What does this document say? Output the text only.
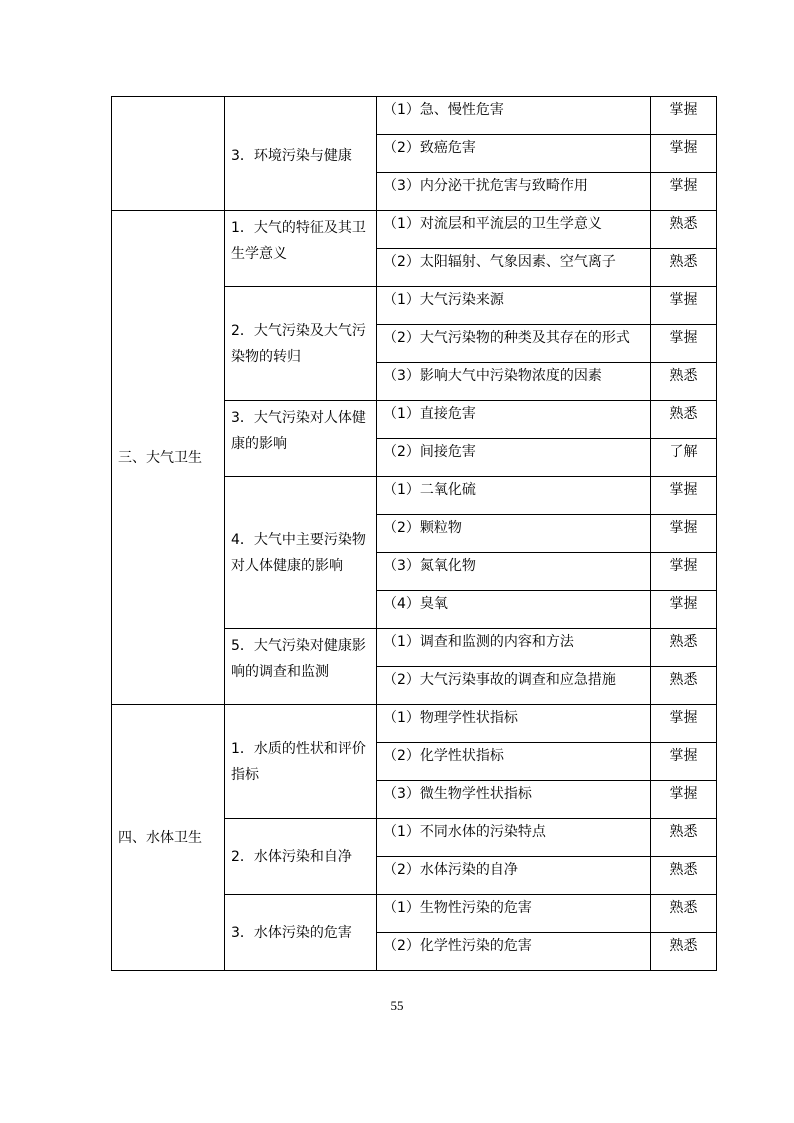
	3．环境污染与健康	（1）急、慢性危害	掌握
		（2）致癌危害	掌握
		（3）内分泌干扰危害与致畸作用	掌握
三、大气卫生	1．大气的特征及其卫生学意义	（1）对流层和平流层的卫生学意义	熟悉
		（2）太阳辐射、气象因素、空气离子	熟悉
	2．大气污染及大气污染物的转归	（1）大气污染来源	掌握
		（2）大气污染物的种类及其存在的形式	掌握
		（3）影响大气中污染物浓度的因素	熟悉
	3．大气污染对人体健康的影响	（1）直接危害	熟悉
		（2）间接危害	了解
	4．大气中主要污染物对人体健康的影响	（1）二氧化硫	掌握
		（2）颗粒物	掌握
		（3）氮氧化物	掌握
		（4）臭氧	掌握
	5．大气污染对健康影响的调查和监测	（1）调查和监测的内容和方法	熟悉
		（2）大气污染事故的调查和应急措施	熟悉
四、水体卫生	1．水质的性状和评价指标	（1）物理学性状指标	掌握
		（2）化学性状指标	掌握
		（3）微生物学性状指标	掌握
	2．水体污染和自净	（1）不同水体的污染特点	熟悉
		（2）水体污染的自净	熟悉
	3．水体污染的危害	（1）生物性污染的危害	熟悉
		（2）化学性污染的危害	熟悉
55
